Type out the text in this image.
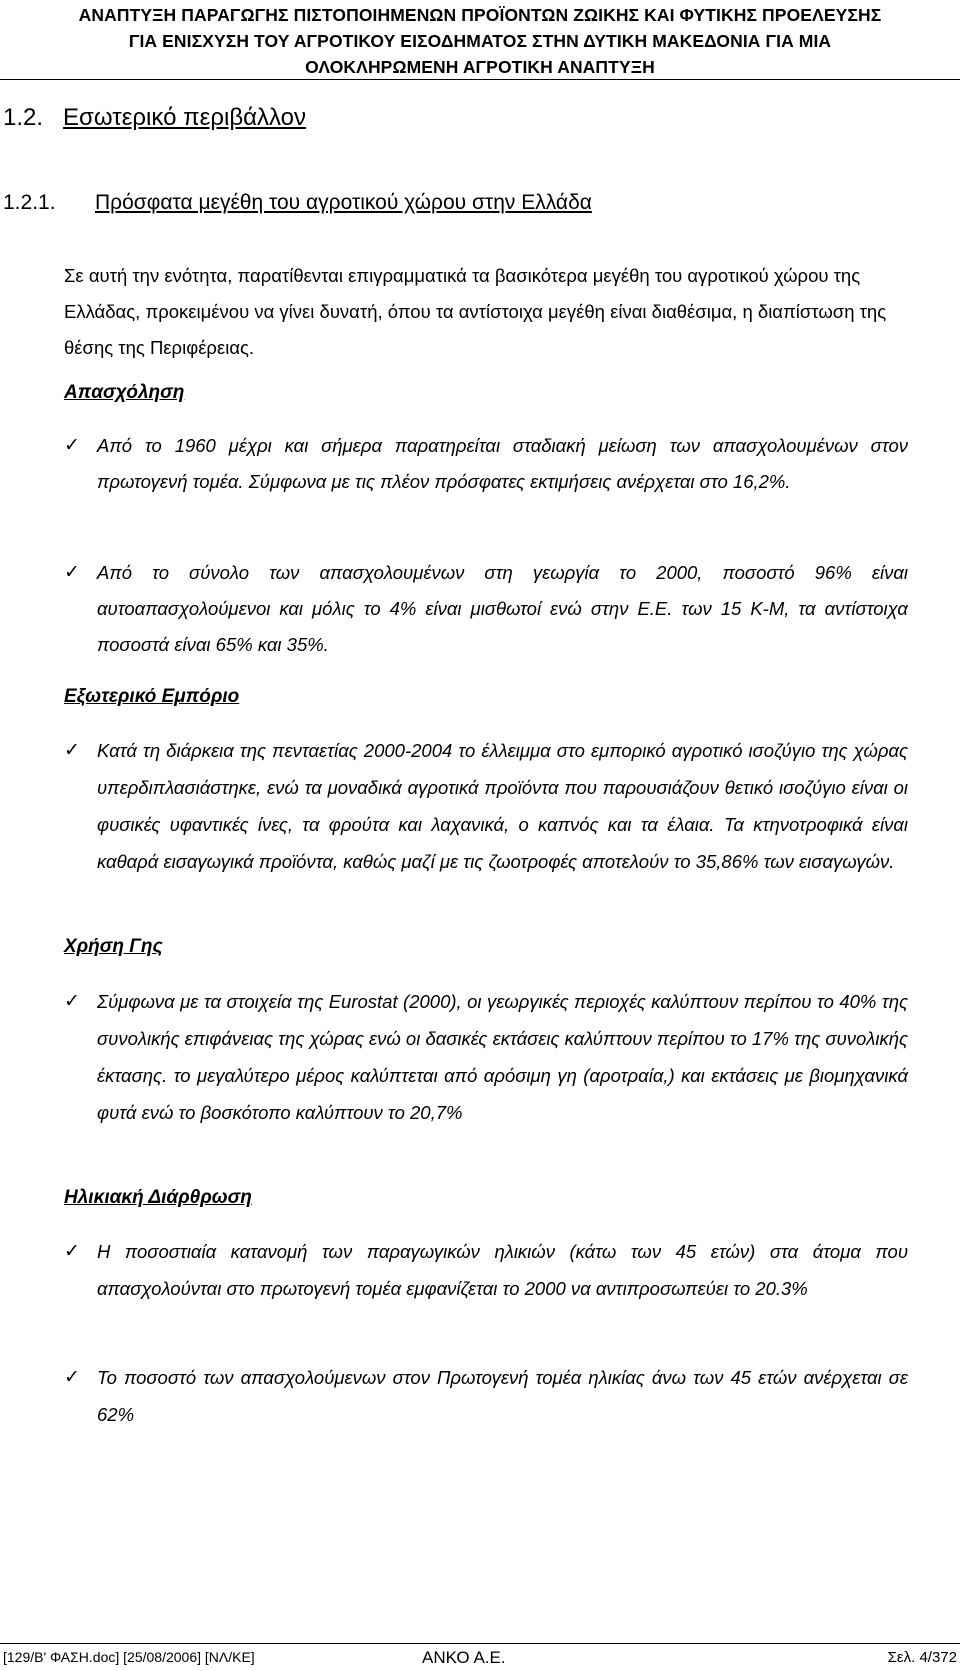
ΑΝΑΠΤΥΞΗ ΠΑΡΑΓΩΓΗΣ ΠΙΣΤΟΠΟΙΗΜΕΝΩΝ ΠΡΟΪΟΝΤΩΝ ΖΩΙΚΗΣ ΚΑΙ ΦΥΤΙΚΗΣ ΠΡΟΕΛΕΥΣΗΣ
ΓΙΑ ΕΝΙΣΧΥΣΗ ΤΟΥ ΑΓΡΟΤΙΚΟΥ ΕΙΣΟΔΗΜΑΤΟΣ ΣΤΗΝ ΔΥΤΙΚΗ ΜΑΚΕΔΟΝΙΑ ΓΙΑ ΜΙΑ
ΟΛΟΚΛΗΡΩΜΕΝΗ ΑΓΡΟΤΙΚΗ ΑΝΑΠΤΥΞΗ
1.2. Εσωτερικό περιβάλλον
1.2.1. Πρόσφατα μεγέθη του αγροτικού χώρου στην Ελλάδα
Σε αυτή την ενότητα, παρατίθενται επιγραμματικά τα βασικότερα μεγέθη του αγροτικού χώρου της Ελλάδας, προκειμένου να γίνει δυνατή, όπου τα αντίστοιχα μεγέθη είναι διαθέσιμα, η διαπίστωση της θέσης της Περιφέρειας.
Απασχόληση
✓ Από το 1960 μέχρι και σήμερα παρατηρείται σταδιακή μείωση των απασχολουμένων στον πρωτογενή τομέα. Σύμφωνα με τις πλέον πρόσφατες εκτιμήσεις ανέρχεται στο 16,2%.
✓ Από το σύνολο των απασχολουμένων στη γεωργία το 2000, ποσοστό 96% είναι αυτοαπασχολούμενοι και μόλις το 4% είναι μισθωτοί ενώ στην Ε.Ε. των 15 Κ-Μ, τα αντίστοιχα ποσοστά είναι 65% και 35%.
Εξωτερικό Εμπόριο
✓ Κατά τη διάρκεια της πενταετίας 2000-2004 το έλλειμμα στο εμπορικό αγροτικό ισοζύγιο της χώρας υπερδιπλασιάστηκε, ενώ τα μοναδικά αγροτικά προϊόντα που παρουσιάζουν θετικό ισοζύγιο είναι οι φυσικές υφαντικές ίνες, τα φρούτα και λαχανικά, ο καπνός και τα έλαια. Τα κτηνοτροφικά είναι καθαρά εισαγωγικά προϊόντα, καθώς μαζί με τις ζωοτροφές αποτελούν το 35,86% των εισαγωγών.
Χρήση Γης
✓ Σύμφωνα με τα στοιχεία της Eurostat (2000), οι γεωργικές περιοχές καλύπτουν περίπου το 40% της συνολικής επιφάνειας της χώρας ενώ οι δασικές εκτάσεις καλύπτουν περίπου το 17% της συνολικής έκτασης. το μεγαλύτερο μέρος καλύπτεται από αρόσιμη γη (αροτραία,) και εκτάσεις με βιομηχανικά φυτά ενώ το βοσκότοπο καλύπτουν το 20,7%
Ηλικιακή Διάρθρωση
✓ Η ποσοστιαία κατανομή των παραγωγικών ηλικιών (κάτω των 45 ετών) στα άτομα που απασχολούνται στο πρωτογενή τομέα εμφανίζεται το 2000 να αντιπροσωπεύει το 20.3%
✓ Το ποσοστό των απασχολούμενων στον Πρωτογενή τομέα ηλικίας άνω των 45 ετών ανέρχεται σε 62%
[129/Β' ΦΑΣΗ.doc] [25/08/2006] [ΝΛ/ΚΕ]	ΑΝΚΟ Α.Ε.	Σελ. 4/372
